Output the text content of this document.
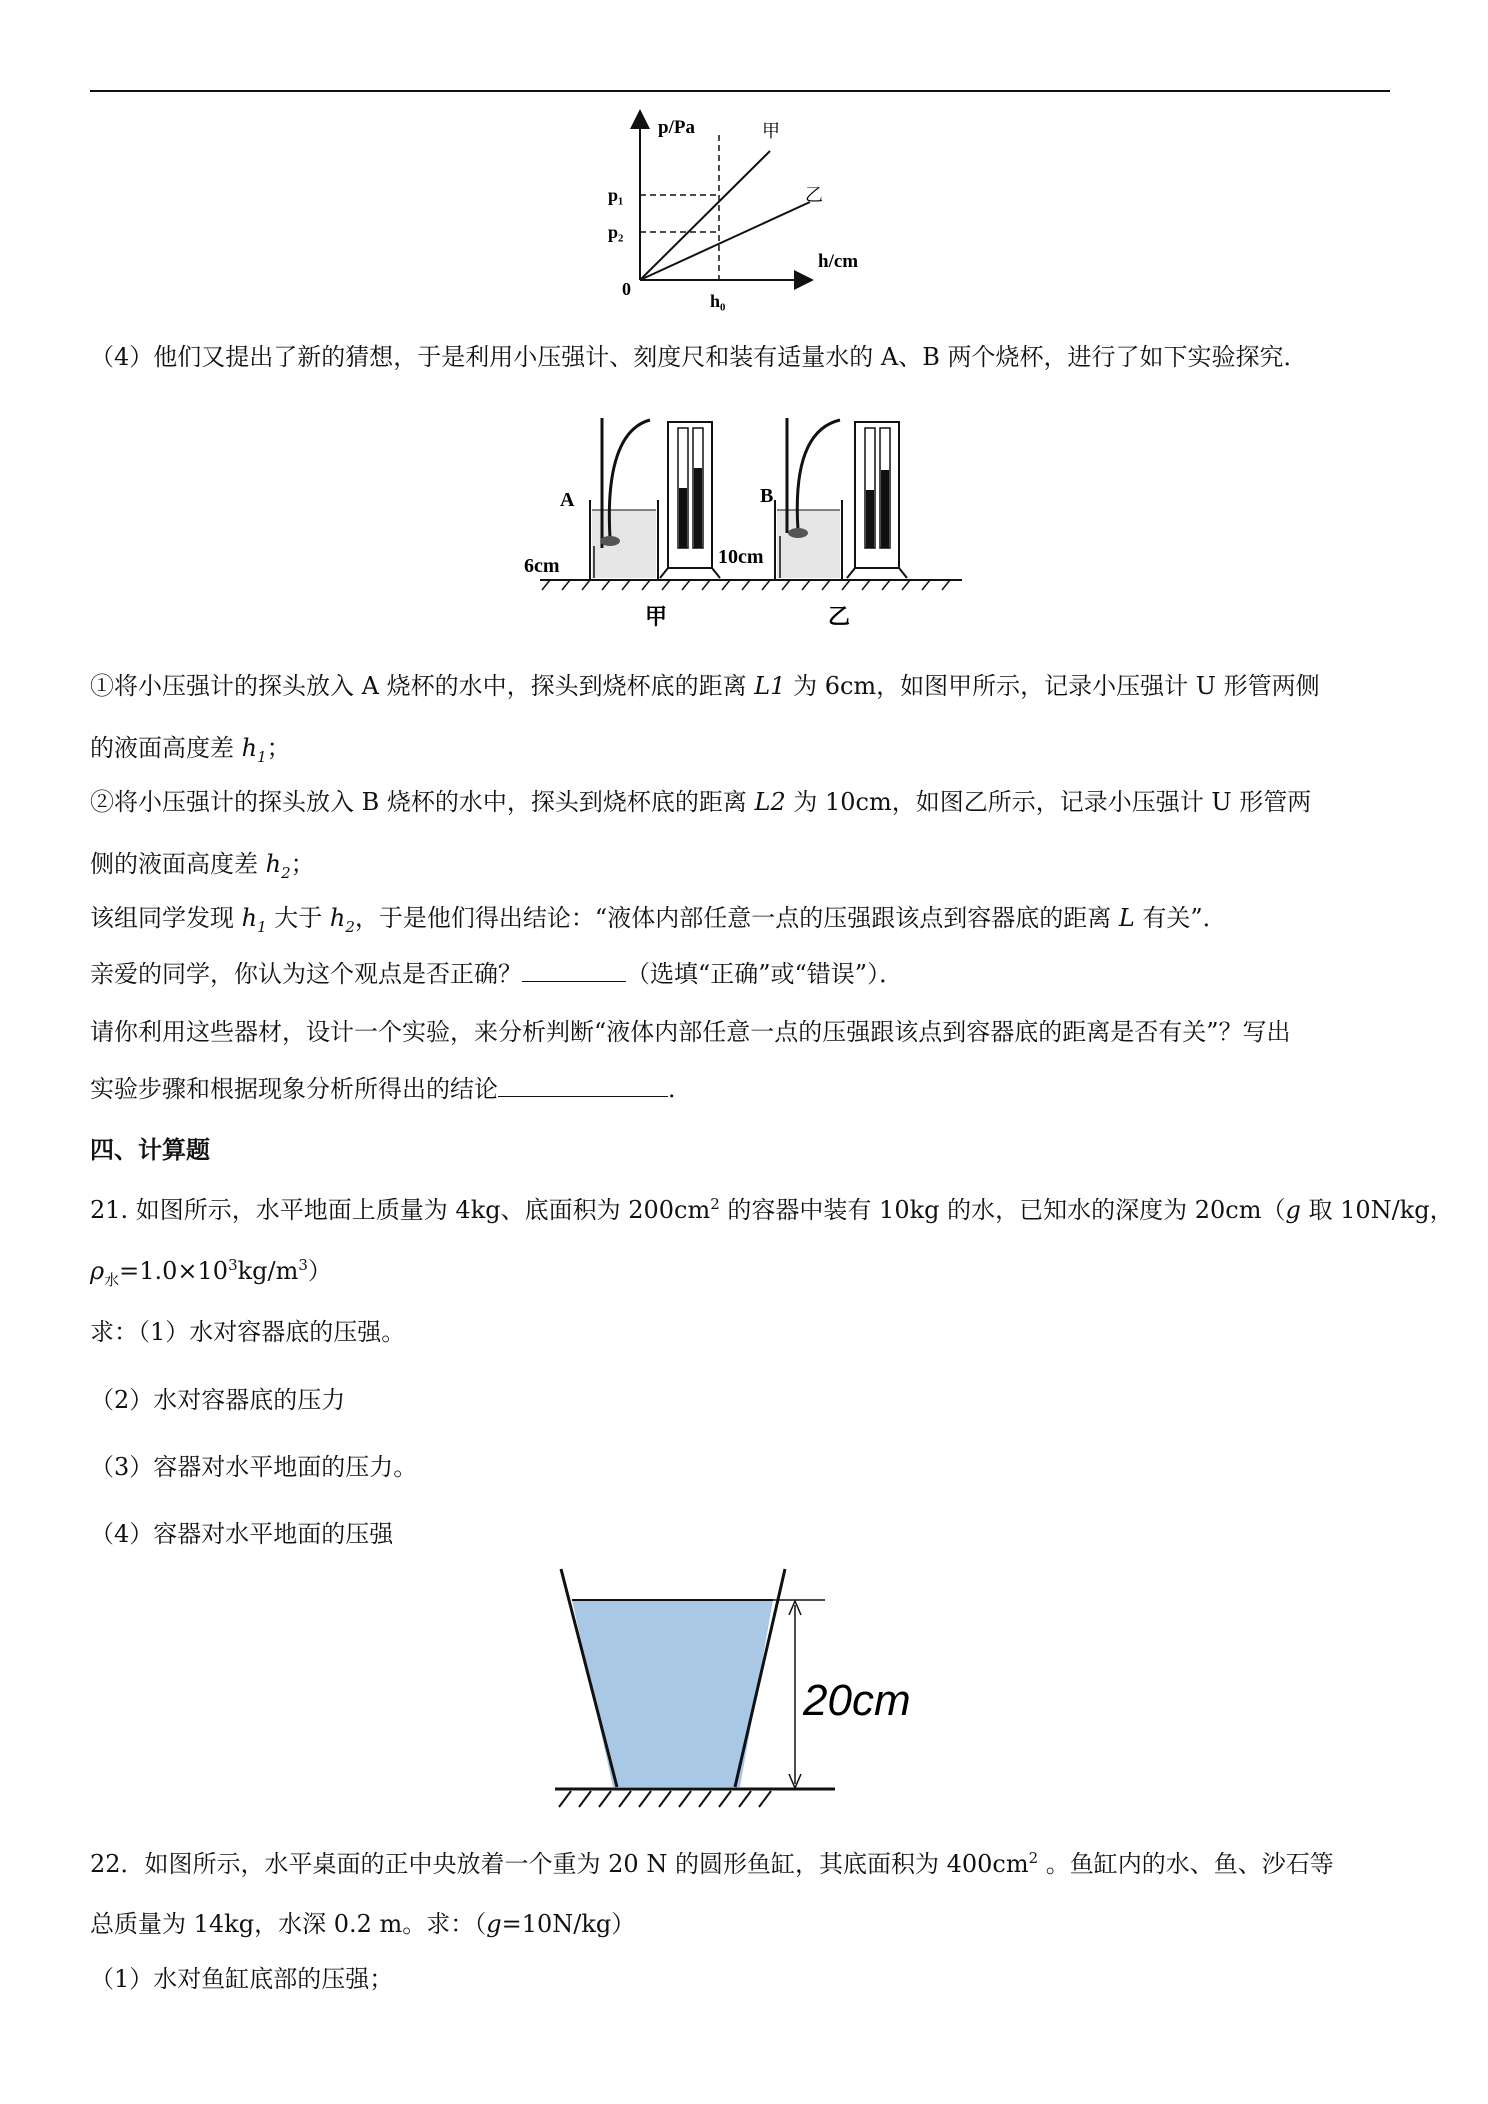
p/Pa
h/cm
0
h₀
p₁
p₂
甲
乙
（4）他们又提出了新的猜想，于是利用小压强计、刻度尺和装有适量水的 A、B 两个烧杯，进行了如下实验探究．
A	B
6cm	10cm
甲	乙
①将小压强计的探头放入 A 烧杯的水中，探头到烧杯底的距离 L1 为 6cm，如图甲所示，记录小压强计 U 形管两侧
的液面高度差 $h_1$；
②将小压强计的探头放入 B 烧杯的水中，探头到烧杯底的距离 L2 为 10cm，如图乙所示，记录小压强计 U 形管两
侧的液面高度差 $h_2$；
该组同学发现 $h_1$ 大于 $h_2$，于是他们得出结论：“液体内部任意一点的压强跟该点到容器底的距离 L 有关”．
亲爱的同学，你认为这个观点是否正确？	（选填“正确”或“错误”）．
请你利用这些器材，设计一个实验，来分析判断“液体内部任意一点的压强跟该点到容器底的距离是否有关”？写出
实验步骤和根据现象分析所得出的结论	．
四、计算题
21. 如图所示，水平地面上质量为 4kg、底面积为 $200cm^2$ 的容器中装有 10kg 的水，已知水的深度为 20cm（g 取 10N/kg，
$\rho_水=1.0\times 10^3kg/m^3$）
求：（1）水对容器底的压强。
（2）水对容器底的压力
（3）容器对水平地面的压力。
（4）容器对水平地面的压强
20cm
22．如图所示，水平桌面的正中央放着一个重为 20 N 的圆形鱼缸，其底面积为 $400cm^2$ 。鱼缸内的水、鱼、沙石等
总质量为 14kg，水深 0.2 m。求：（g=10N/kg）
（1）水对鱼缸底部的压强；
